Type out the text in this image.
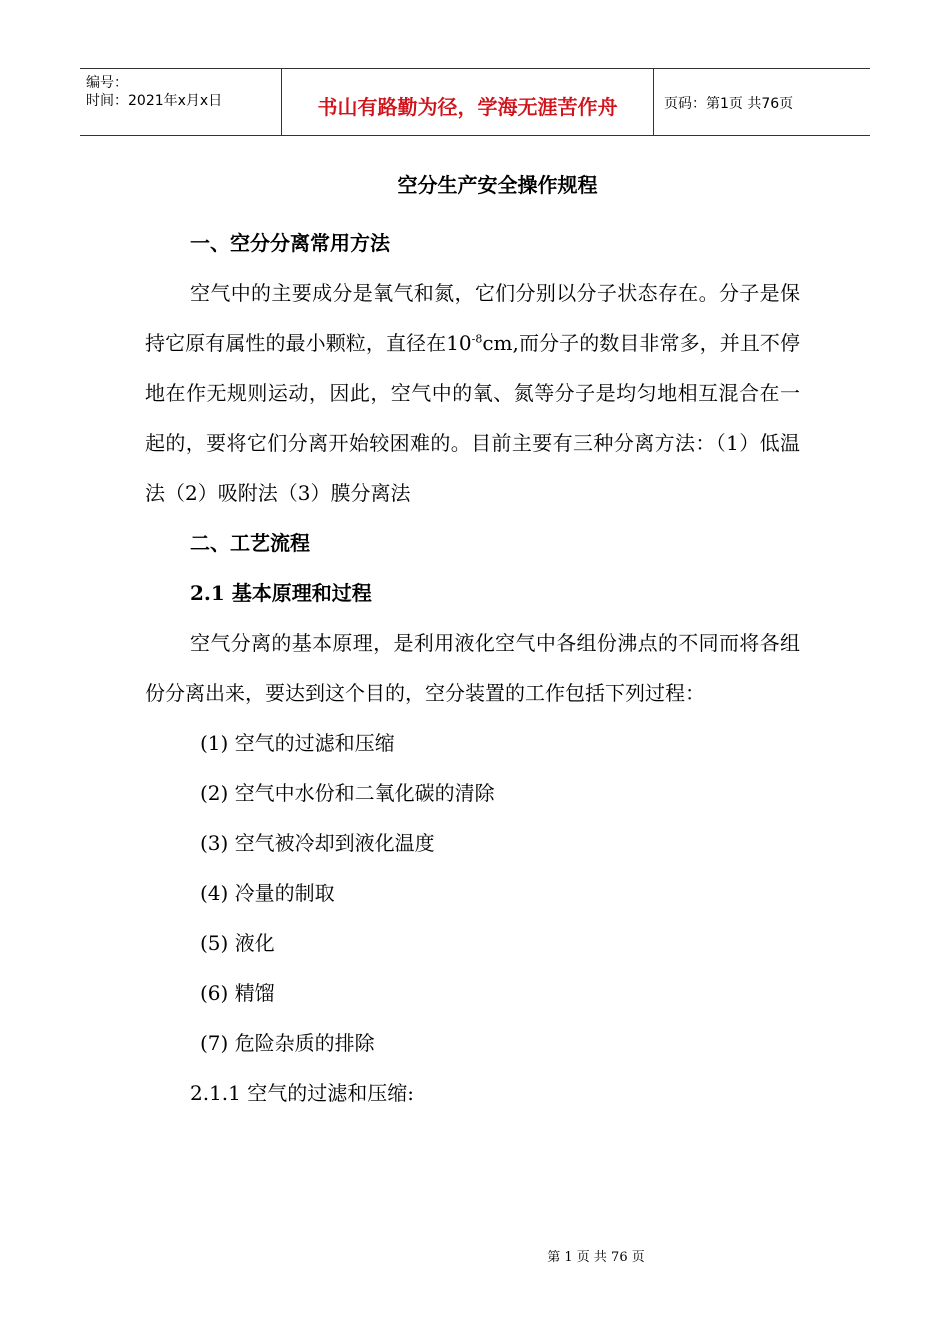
编号：
时间：2021年x月x日	书山有路勤为径，学海无涯苦作舟	页码：第1页 共76页
空分生产安全操作规程
一、空分分离常用方法

空气中的主要成分是氧气和氮，它们分别以分子状态存在。分子是保持它原有属性的最小颗粒，直径在$10^{-8}cm$,而分子的数目非常多，并且不停地在作无规则运动，因此，空气中的氧、氮等分子是均匀地相互混合在一起的，要将它们分离开始较困难的。目前主要有三种分离方法：（1）低温法（2）吸附法（3）膜分离法

二、工艺流程
2.1 基本原理和过程

空气分离的基本原理，是利用液化空气中各组份沸点的不同而将各组份分离出来，要达到这个目的，空分装置的工作包括下列过程：

(1) 空气的过滤和压缩
(2) 空气中水份和二氧化碳的清除
(3) 空气被冷却到液化温度
(4) 冷量的制取
(5) 液化
(6) 精馏
(7) 危险杂质的排除
2.1.1 空气的过滤和压缩:
第 1 页 共 76 页
